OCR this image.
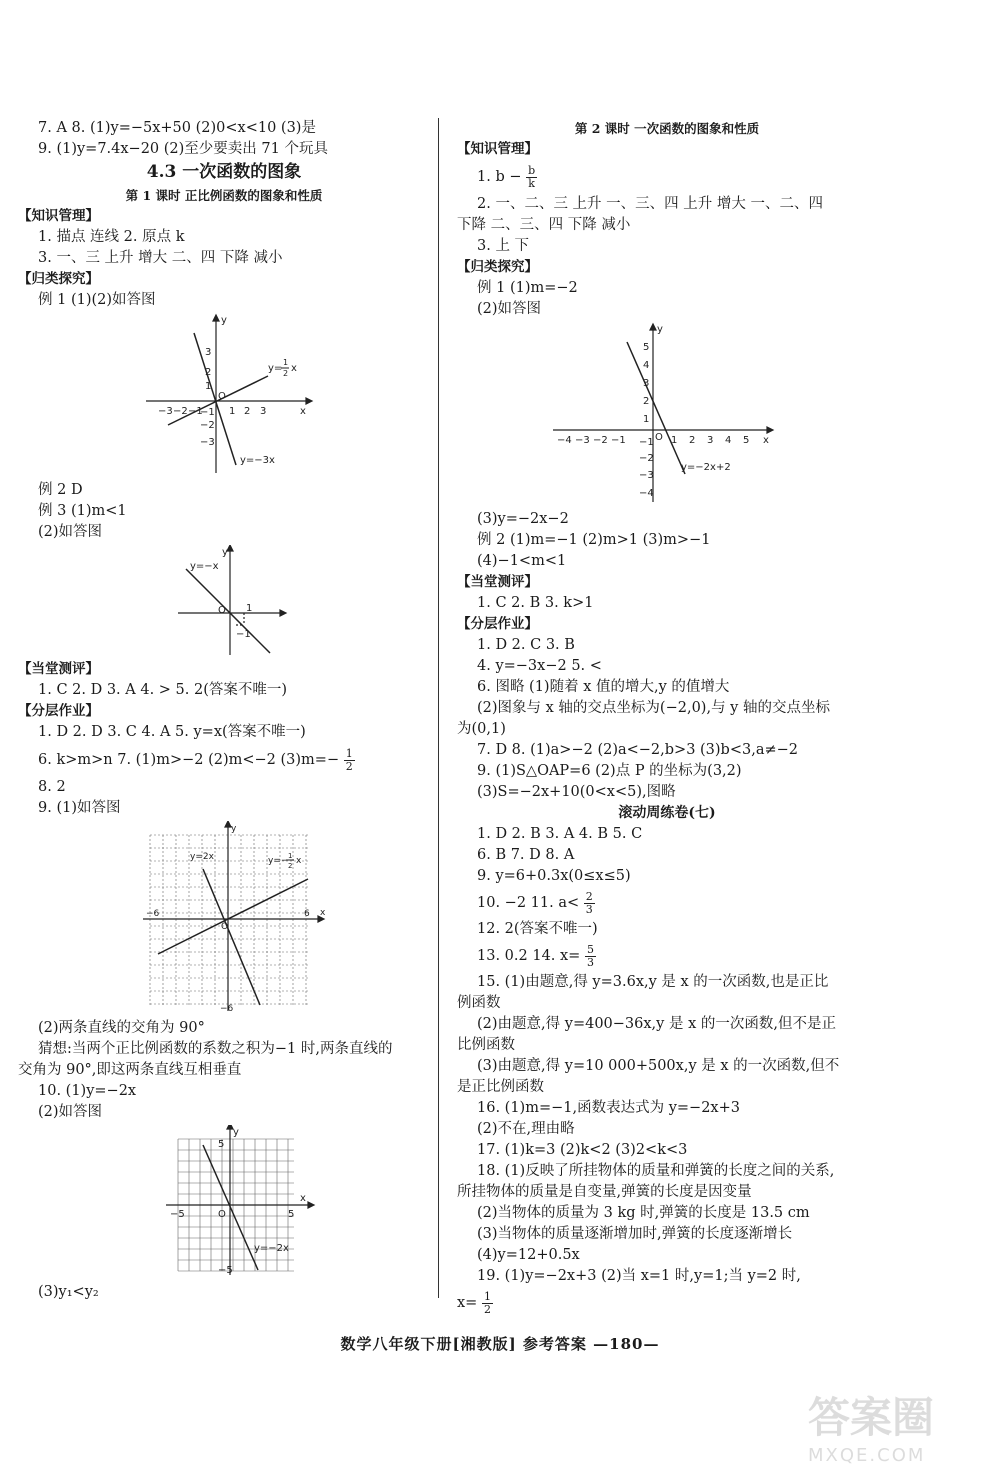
7. A 8. (1)y=−5x+50 (2)0<x<10 (3)是
9. (1)y=7.4x−20 (2)至少要卖出 71 个玩具
4.3 一次函数的图象
第 1 课时 正比例函数的图象和性质
【知识管理】
1. 描点 连线 2. 原点 k
3. 一、三 上升 增大 二、四 下降 减小
【归类探究】
例 1 (1)(2)如答图
y
x
3
2
1
O
−1
−2
−3
−3 −2 −1	1 2 3
y=
1
2 x
y=−3x
例 2 D
例 3 (1)m<1
(2)如答图
y
O 1
−1
y=−x
【当堂测评】
1. C 2. D 3. A 4. > 5. 2(答案不唯一)
【分层作业】
1. D 2. D 3. C 4. A 5. y=x(答案不唯一)
6. k>m>n 7. (1)m>−2 (2)m<−2 $(3)m=- \frac{1}{2}$
8. 2
9. (1)如答图
y
x
O
−6	6
−6
y=2x	y=− 1
2 x
(2)两条直线的交角为 90°
猜想:当两个正比例函数的系数之积为−1 时,两条直线的
交角为 90°,即这两条直线互相垂直
10. (1)y=−2x
(2)如答图
y
5
−5	5
x
O
−5
y=−2x
(3)y₁<y₂
第 2 课时 一次函数的图象和性质
【知识管理】
1. $b - \frac{b}{k}$
2. 一、二、三 上升 一、三、四 上升 增大 一、二、四
下降 二、三、四 下降 减小
3. 上 下
【归类探究】
例 1 (1)m=−2
(2)如答图
y
x
5
4
3
2
1
O
−1
−2
−3
−4
−4 −3 −2 −1	1 2 3 4 5
y=−2x+2
(3)y=−2x−2
例 2 (1)m=−1 (2)m>1 (3)m>−1
(4)−1<m<1
【当堂测评】
1. C 2. B 3. k>1
【分层作业】
1. D 2. C 3. B
4. y=−3x−2 5. <
6. 图略 (1)随着 x 值的增大,y 的值增大
(2)图象与 x 轴的交点坐标为(−2,0),与 y 轴的交点坐标
为(0,1)
7. D 8. (1)a>−2 (2)a<−2,b>3 (3)b<3,a≠−2
9. (1)S△OAP=6 (2)点 P 的坐标为(3,2)
(3)S=−2x+10(0<x<5),图略
滚动周练卷(七)
1. D 2. B 3. A 4. B 5. C
6. B 7. D 8. A
9. y=6+0.3x(0≤x≤5)
10. −2 11. $a< \frac{2}{3}$
12. 2(答案不唯一)
13. 0.2 14. $x= \frac{5}{3}$
15. (1)由题意,得 y=3.6x,y 是 x 的一次函数,也是正比
例函数
(2)由题意,得 y=400−36x,y 是 x 的一次函数,但不是正
比例函数
(3)由题意,得 y=10 000+500x,y 是 x 的一次函数,但不
是正比例函数
16. (1)m=−1,函数表达式为 y=−2x+3
(2)不在,理由略
17. (1)k=3 (2)k<2 (3)2<k<3
18. (1)反映了所挂物体的质量和弹簧的长度之间的关系,
所挂物体的质量是自变量,弹簧的长度是因变量
(2)当物体的质量为 3 kg 时,弹簧的长度是 13.5 cm
(3)当物体的质量逐渐增加时,弹簧的长度逐渐增长
(4)y=12+0.5x
19. (1)y=−2x+3 (2)当 x=1 时,y=1;当 y=2 时,
$x= \frac{1}{2}$
数学八年级下册[湘教版] 参考答案 —180—
答案圈
MXQE.COM
